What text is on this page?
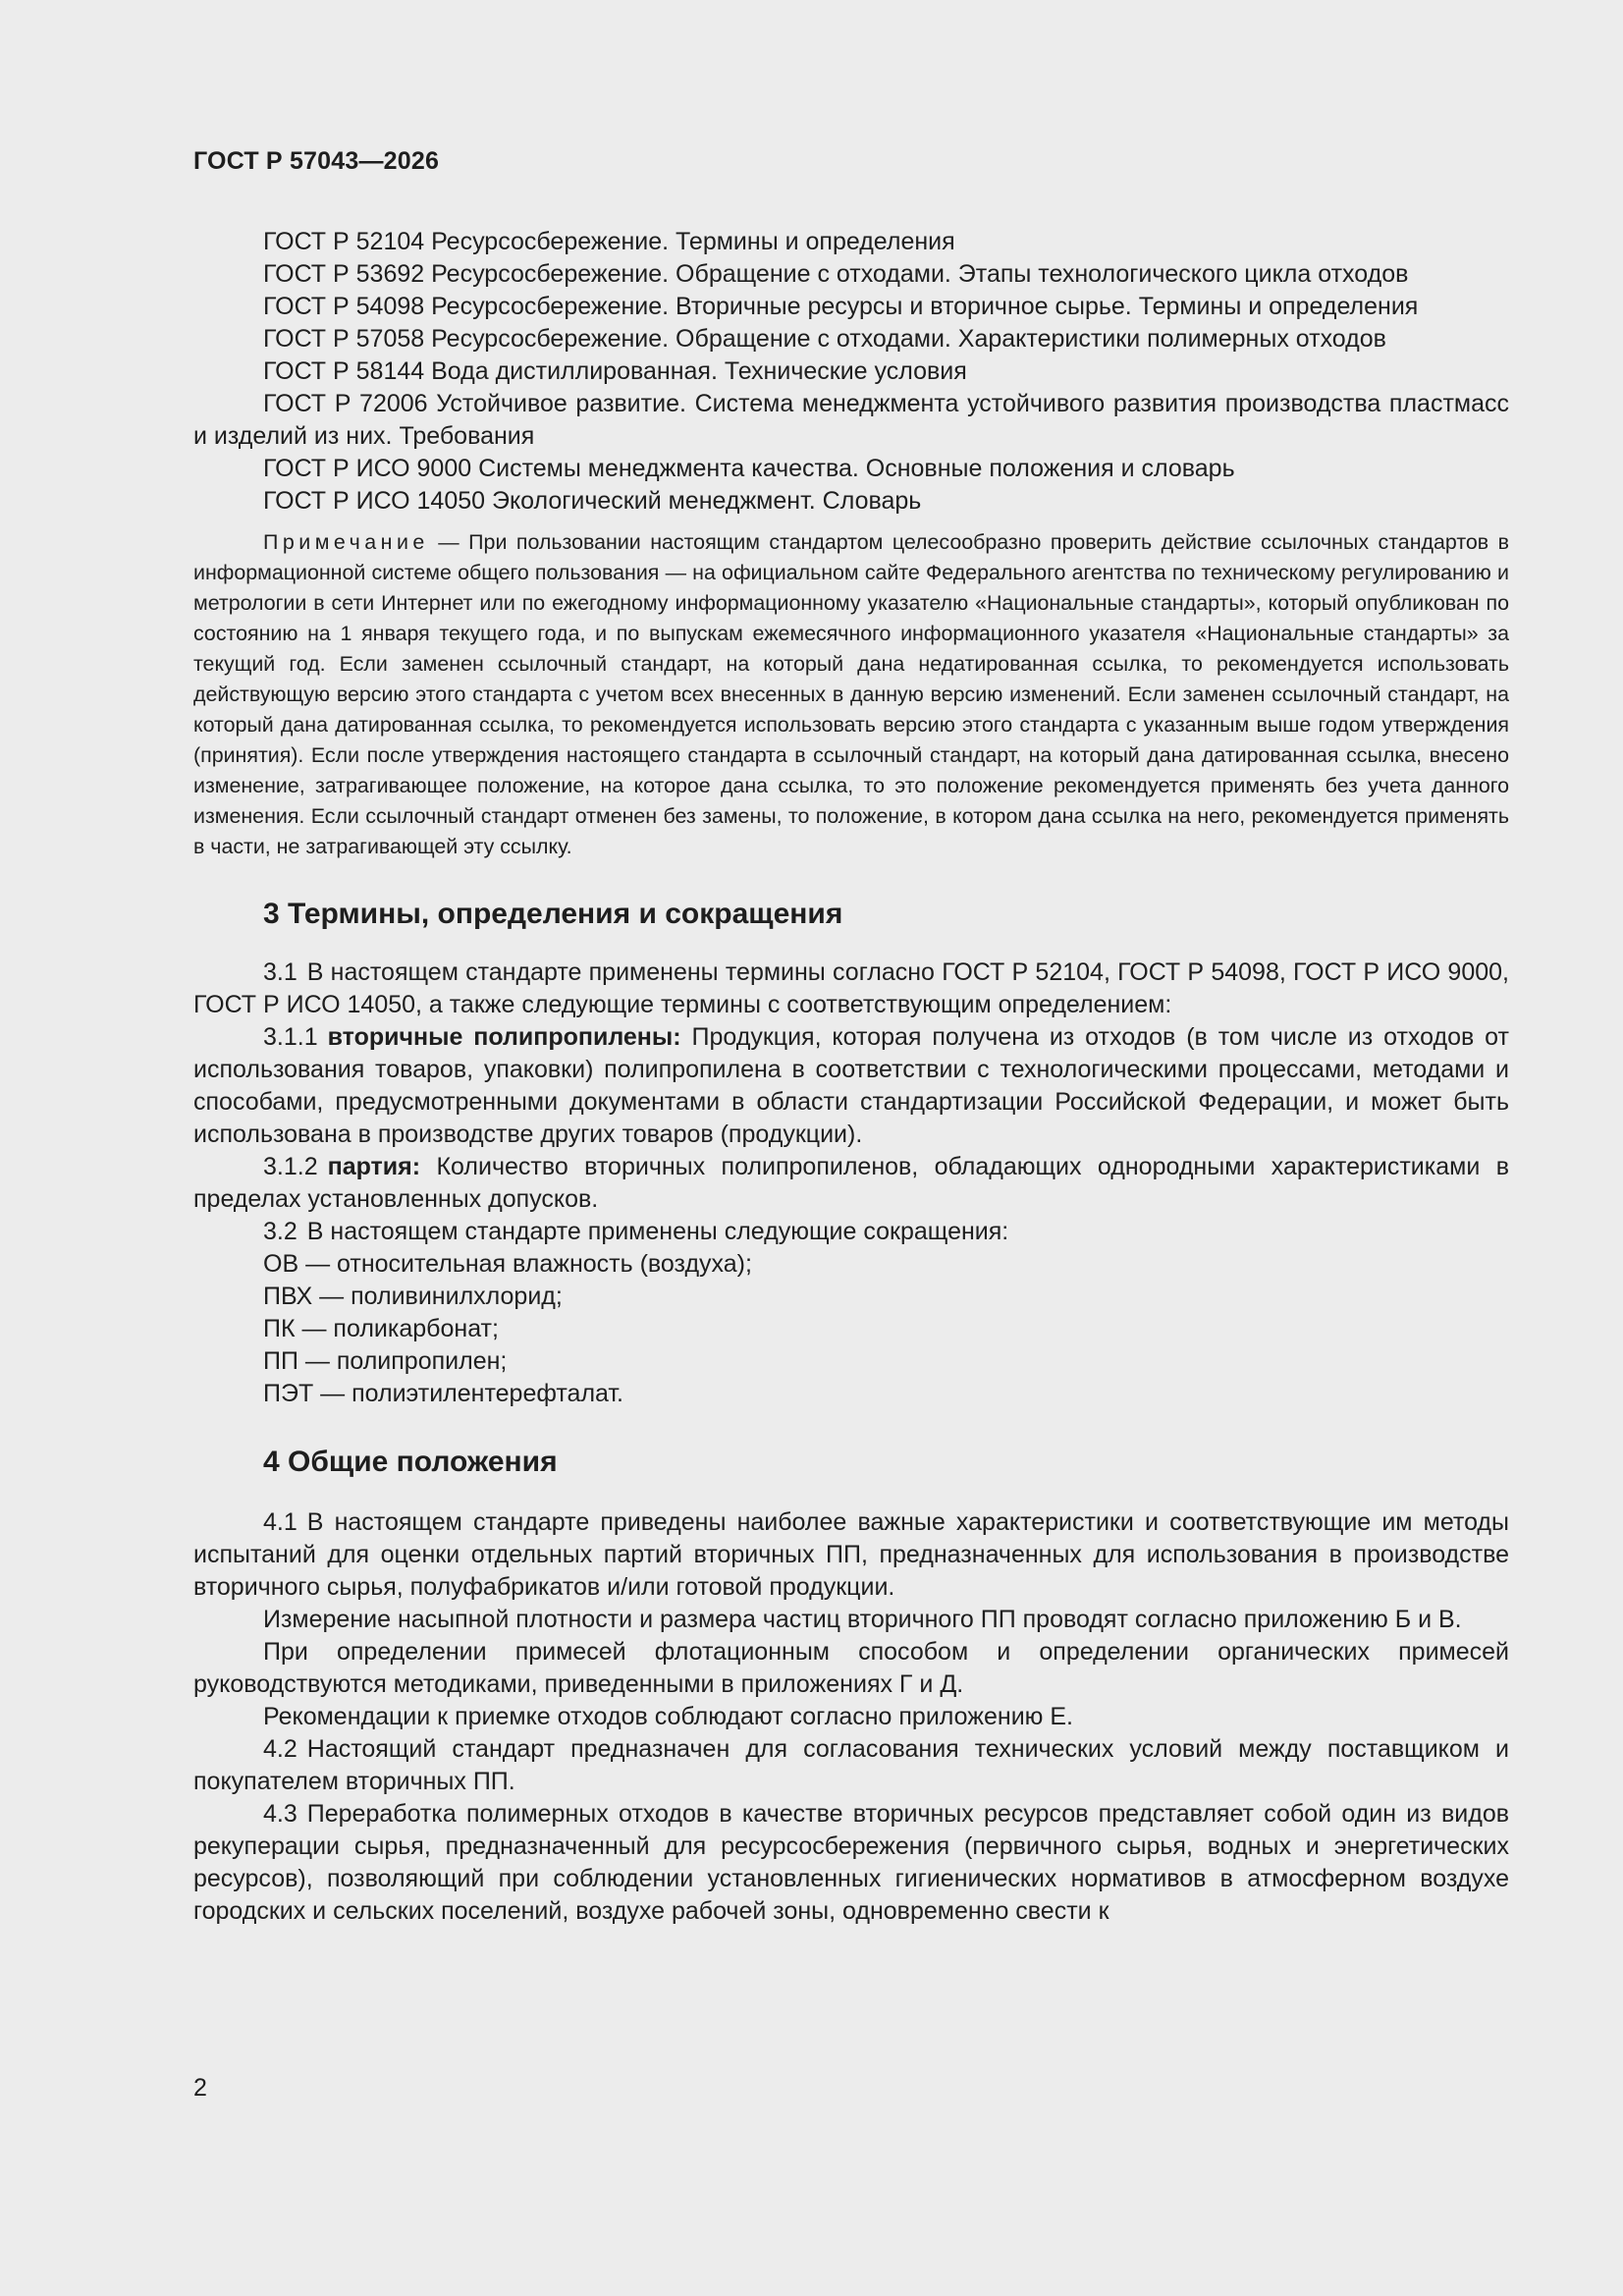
ГОСТ Р 57043—2026

ГОСТ Р 52104 Ресурсосбережение. Термины и определения

ГОСТ Р 53692 Ресурсосбережение. Обращение с отходами. Этапы технологического цикла отходов

ГОСТ Р 54098 Ресурсосбережение. Вторичные ресурсы и вторичное сырье. Термины и определения

ГОСТ Р 57058 Ресурсосбережение. Обращение с отходами. Характеристики полимерных отходов

ГОСТ Р 58144 Вода дистиллированная. Технические условия

ГОСТ Р 72006 Устойчивое развитие. Система менеджмента устойчивого развития производства пластмасс и изделий из них. Требования

ГОСТ Р ИСО 9000 Системы менеджмента качества. Основные положения и словарь

ГОСТ Р ИСО 14050 Экологический менеджмент. Словарь

Примечание — При пользовании настоящим стандартом целесообразно проверить действие ссылочных стандартов в информационной системе общего пользования — на официальном сайте Федерального агентства по техническому регулированию и метрологии в сети Интернет или по ежегодному информационному указателю «Национальные стандарты», который опубликован по состоянию на 1 января текущего года, и по выпускам ежемесячного информационного указателя «Национальные стандарты» за текущий год. Если заменен ссылочный стандарт, на который дана недатированная ссылка, то рекомендуется использовать действующую версию этого стандарта с учетом всех внесенных в данную версию изменений. Если заменен ссылочный стандарт, на который дана датированная ссылка, то рекомендуется использовать версию этого стандарта с указанным выше годом утверждения (принятия). Если после утверждения настоящего стандарта в ссылочный стандарт, на который дана датированная ссылка, внесено изменение, затрагивающее положение, на которое дана ссылка, то это положение рекомендуется применять без учета данного изменения. Если ссылочный стандарт отменен без замены, то положение, в котором дана ссылка на него, рекомендуется применять в части, не затрагивающей эту ссылку.

3 Термины, определения и сокращения

3.1 В настоящем стандарте применены термины согласно ГОСТ Р 52104, ГОСТ Р 54098, ГОСТ Р ИСО 9000, ГОСТ Р ИСО 14050, а также следующие термины с соответствующим определением:

3.1.1 вторичные полипропилены: Продукция, которая получена из отходов (в том числе из отходов от использования товаров, упаковки) полипропилена в соответствии с технологическими процессами, методами и способами, предусмотренными документами в области стандартизации Российской Федерации, и может быть использована в производстве других товаров (продукции).

3.1.2 партия: Количество вторичных полипропиленов, обладающих однородными характеристиками в пределах установленных допусков.

3.2 В настоящем стандарте применены следующие сокращения:

ОВ — относительная влажность (воздуха);

ПВХ — поливинилхлорид;

ПК — поликарбонат;

ПП — полипропилен;

ПЭТ — полиэтилентерефталат.

4 Общие положения

4.1 В настоящем стандарте приведены наиболее важные характеристики и соответствующие им методы испытаний для оценки отдельных партий вторичных ПП, предназначенных для использования в производстве вторичного сырья, полуфабрикатов и/или готовой продукции.

Измерение насыпной плотности и размера частиц вторичного ПП проводят согласно приложению Б и В.

При определении примесей флотационным способом и определении органических примесей руководствуются методиками, приведенными в приложениях Г и Д.

Рекомендации к приемке отходов соблюдают согласно приложению Е.

4.2 Настоящий стандарт предназначен для согласования технических условий между поставщиком и покупателем вторичных ПП.

4.3 Переработка полимерных отходов в качестве вторичных ресурсов представляет собой один из видов рекуперации сырья, предназначенный для ресурсосбережения (первичного сырья, водных и энергетических ресурсов), позволяющий при соблюдении установленных гигиенических нормативов в атмосферном воздухе городских и сельских поселений, воздухе рабочей зоны, одновременно свести к

2
